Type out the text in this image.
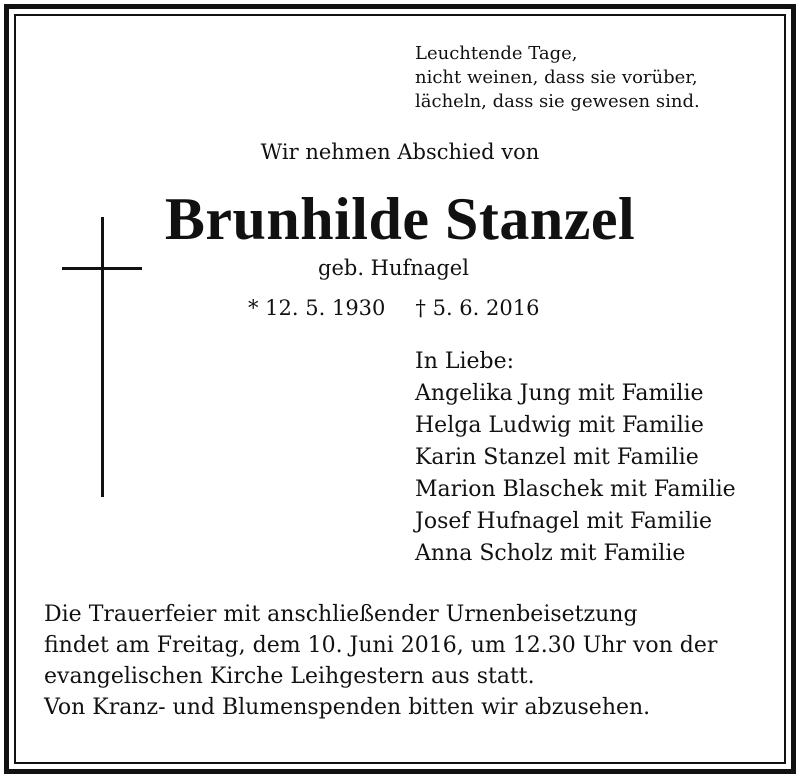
Leuchtende Tage,
nicht weinen, dass sie vorüber,
lächeln, dass sie gewesen sind.
Wir nehmen Abschied von
Brunhilde Stanzel
geb. Hufnagel
* 12. 5. 1930 † 5. 6. 2016
In Liebe:
Angelika Jung mit Familie
Helga Ludwig mit Familie
Karin Stanzel mit Familie
Marion Blaschek mit Familie
Josef Hufnagel mit Familie
Anna Scholz mit Familie
Die Trauerfeier mit anschließender Urnenbeisetzung
findet am Freitag, dem 10. Juni 2016, um 12.30 Uhr von der
evangelischen Kirche Leihgestern aus statt.
Von Kranz- und Blumenspenden bitten wir abzusehen.
